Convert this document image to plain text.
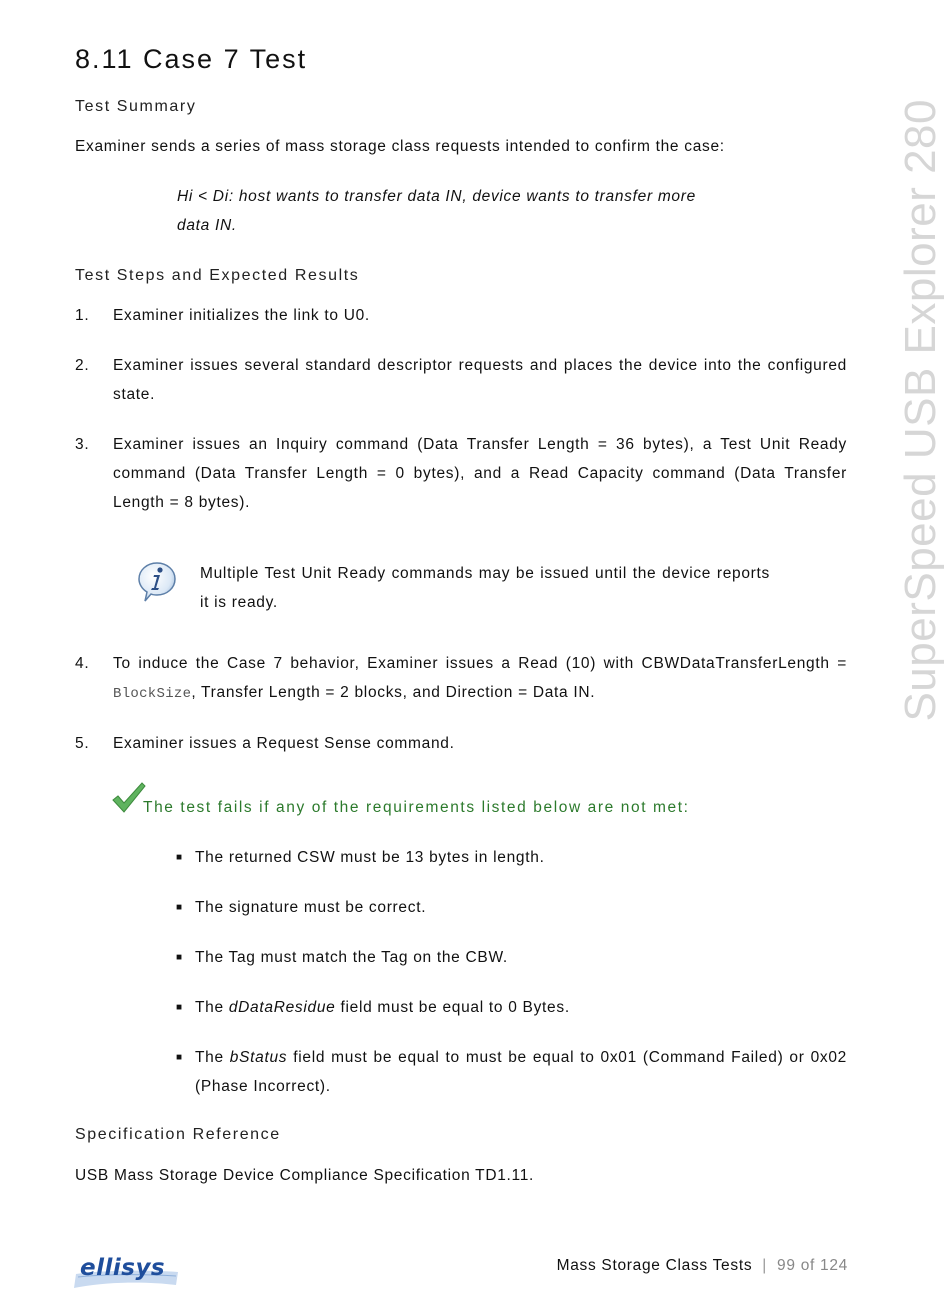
8.11 Case 7 Test
SuperSpeed USB Explorer 280
Test Summary
Examiner sends a series of mass storage class requests intended to confirm the case:
Hi < Di: host wants to transfer data IN, device wants to transfer more
data IN.
Test Steps and Expected Results
1. Examiner initializes the link to U0.
2. Examiner issues several standard descriptor requests and places the device into the configured state.
3. Examiner issues an Inquiry command (Data Transfer Length = 36 bytes), a Test Unit Ready command (Data Transfer Length = 0 bytes), and a Read Capacity command (Data Transfer Length = 8 bytes).
Multiple Test Unit Ready commands may be issued until the device reports it is ready.
4. To induce the Case 7 behavior, Examiner issues a Read (10) with CBWDataTransferLength = BlockSize, Transfer Length = 2 blocks, and Direction = Data IN.
5. Examiner issues a Request Sense command.
The test fails if any of the requirements listed below are not met:
■ The returned CSW must be 13 bytes in length.
■ The signature must be correct.
■ The Tag must match the Tag on the CBW.
■ The dDataResidue field must be equal to 0 Bytes.
■ The bStatus field must be equal to must be equal to 0x01 (Command Failed) or 0x02 (Phase Incorrect).
Specification Reference
USB Mass Storage Device Compliance Specification TD1.11.
ellisys	Mass Storage Class Tests | 99 of 124
